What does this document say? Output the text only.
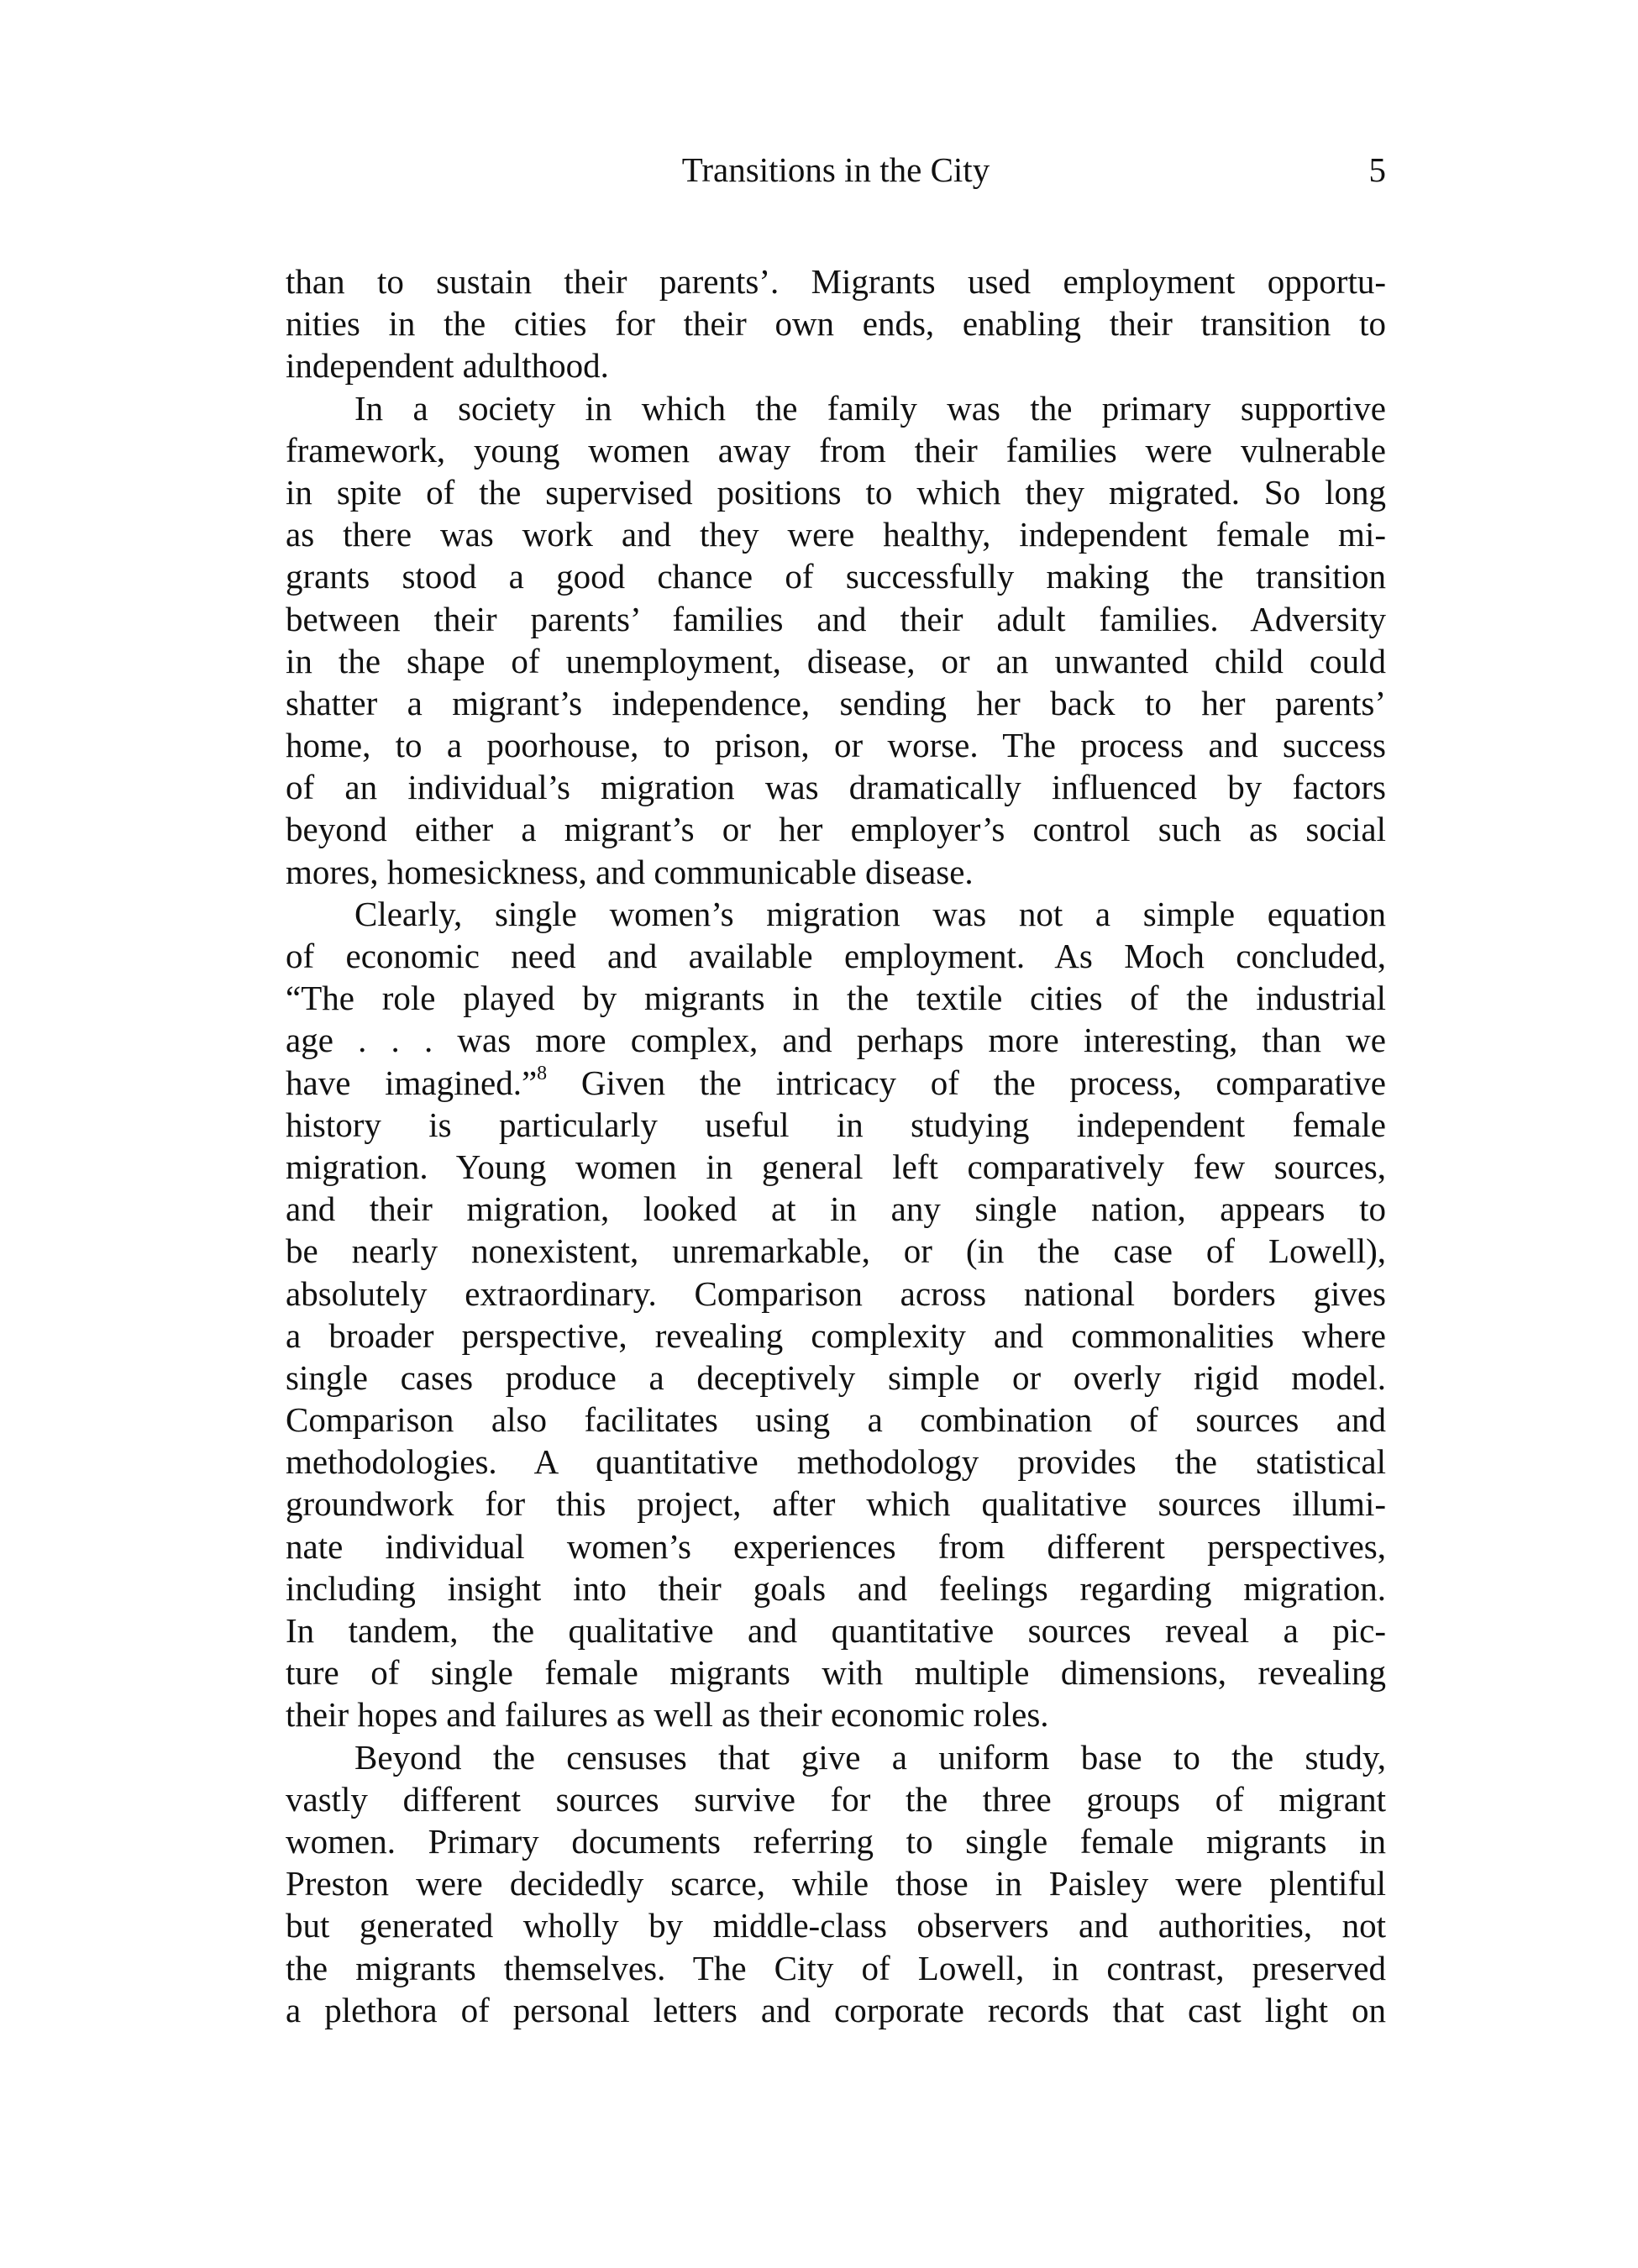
Transitions in the City	5
than to sustain their parents’. Migrants used employment opportu-
nities in the cities for their own ends, enabling their transition to
independent adulthood.
In a society in which the family was the primary supportive
framework, young women away from their families were vulnerable
in spite of the supervised positions to which they migrated. So long
as there was work and they were healthy, independent female mi-
grants stood a good chance of successfully making the transition
between their parents’ families and their adult families. Adversity
in the shape of unemployment, disease, or an unwanted child could
shatter a migrant’s independence, sending her back to her parents’
home, to a poorhouse, to prison, or worse. The process and success
of an individual’s migration was dramatically influenced by factors
beyond either a migrant’s or her employer’s control such as social
mores, homesickness, and communicable disease.
Clearly, single women’s migration was not a simple equation
of economic need and available employment. As Moch concluded,
“The role played by migrants in the textile cities of the industrial
age . . . was more complex, and perhaps more interesting, than we
have imagined.”$^8$ Given the intricacy of the process, comparative
history is particularly useful in studying independent female
migration. Young women in general left comparatively few sources,
and their migration, looked at in any single nation, appears to
be nearly nonexistent, unremarkable, or (in the case of Lowell),
absolutely extraordinary. Comparison across national borders gives
a broader perspective, revealing complexity and commonalities where
single cases produce a deceptively simple or overly rigid model.
Comparison also facilitates using a combination of sources and
methodologies. A quantitative methodology provides the statistical
groundwork for this project, after which qualitative sources illumi-
nate individual women’s experiences from different perspectives,
including insight into their goals and feelings regarding migration.
In tandem, the qualitative and quantitative sources reveal a pic-
ture of single female migrants with multiple dimensions, revealing
their hopes and failures as well as their economic roles.
Beyond the censuses that give a uniform base to the study,
vastly different sources survive for the three groups of migrant
women. Primary documents referring to single female migrants in
Preston were decidedly scarce, while those in Paisley were plentiful
but generated wholly by middle-class observers and authorities, not
the migrants themselves. The City of Lowell, in contrast, preserved
a plethora of personal letters and corporate records that cast light on
